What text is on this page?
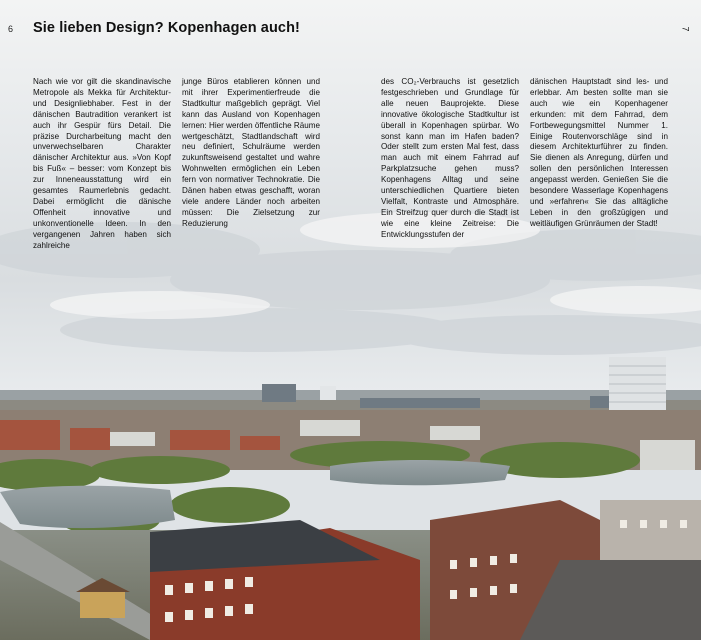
6	7
Sie lieben Design? Kopenhagen auch!

Nach wie vor gilt die skandinavische Metropole als Mekka für Architektur- und Designliebhaber. Fest in der dänischen Bautradition verankert ist auch ihr Gespür fürs Detail. Die präzise Durcharbeitung macht den unverwechselbaren Charakter dänischer Architektur aus. »Von Kopf bis Fuß« – besser: vom Konzept bis zur Inneneausstattung wird ein gesamtes Raumerlebnis gedacht. Dabei ermöglicht die dänische Offenheit innovative und unkonventionelle Ideen. In den vergangenen Jahren haben sich zahlreiche

junge Büros etablieren können und mit ihrer Experimentierfreude die Stadtkultur maßgeblich geprägt. Viel kann das Ausland von Kopenhagen lernen: Hier werden öffentliche Räume wertgeschätzt, Stadtlandschaft wird neu definiert, Schulräume werden zukunftsweisend gestaltet und wahre Wohnwelten ermöglichen ein Leben fern von normativer Technokratie. Die Dänen haben etwas geschafft, woran viele andere Länder noch arbeiten müssen: Die Zielsetzung zur Reduzierung

des CO₂-Verbrauchs ist gesetzlich festgeschrieben und Grundlage für alle neuen Bauprojekte. Diese innovative ökologische Stadtkultur ist überall in Kopenhagen spürbar. Wo sonst kann man im Hafen baden? Oder stellt zum ersten Mal fest, dass man auch mit einem Fahrrad auf Parkplatzsuche gehen muss? Kopenhagens Alltag und seine unterschiedlichen Quartiere bieten Vielfalt, Kontraste und Atmosphäre. Ein Streifzug quer durch die Stadt ist wie eine kleine Zeitreise: Die Entwicklungsstufen der

dänischen Hauptstadt sind les- und erlebbar. Am besten sollte man sie auch wie ein Kopenhagener erkunden: mit dem Fahrrad, dem Fortbewegungsmittel Nummer 1. Einige Routenvorschläge sind in diesem Architekturführer zu finden. Sie dienen als Anregung, dürfen und sollen den persönlichen Interessen angepasst werden. Genießen Sie die besondere Wasserlage Kopenhagens und »erfahren« Sie das alltägliche Leben in den großzügigen und weitläufigen Grünräumen der Stadt!
